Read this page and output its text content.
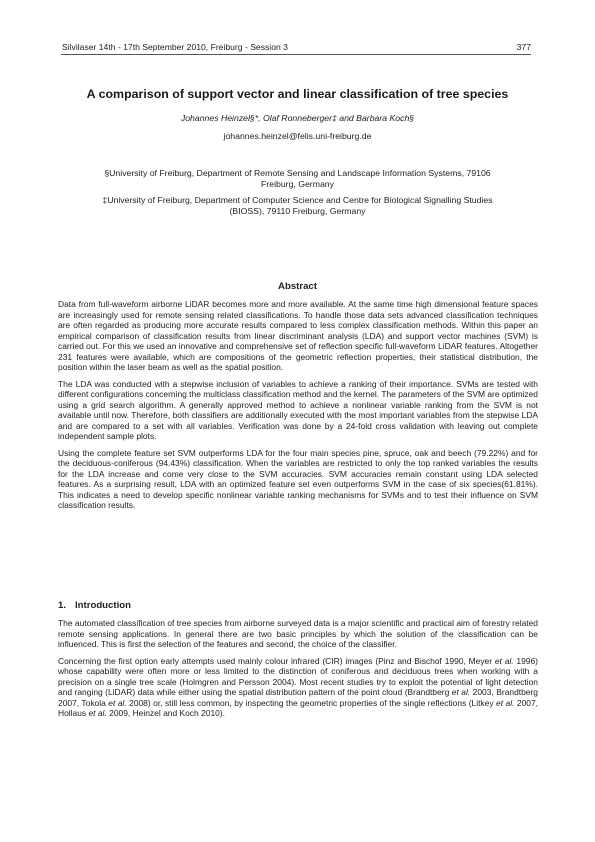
Silvilaser 14th - 17th September 2010, Freiburg - Session 3	377
A comparison of support vector and linear classification of tree species
Johannes Heinzel§*, Olaf Ronneberger‡ and Barbara Koch§
johannes.heinzel@felis.uni-freiburg.de
§University of Freiburg, Department of Remote Sensing and Landscape Information Systems, 79106
Freiburg, Germany
‡University of Freiburg, Department of Computer Science and Centre for Biological Signalling Studies
(BIOSS), 79110 Freiburg, Germany
Abstract

Data from full-waveform airborne LiDAR becomes more and more available. At the same time high dimensional feature spaces are increasingly used for remote sensing related classifications. To handle those data sets advanced classification techniques are often regarded as producing more accurate results compared to less complex classification methods. Within this paper an empirical comparison of classification results from linear discriminant analysis (LDA) and support vector machines (SVM) is carried out. For this we used an innovative and comprehensive set of reflection specific full-waveform LiDAR features. Altogether 231 features were available, which are compositions of the geometric reflection properties, their statistical distribution, the position within the laser beam as well as the spatial position.

The LDA was conducted with a stepwise inclusion of variables to achieve a ranking of their importance. SVMs are tested with different configurations concerning the multiclass classification method and the kernel. The parameters of the SVM are optimized using a grid search algorithm. A generally approved method to achieve a nonlinear variable ranking from the SVM is not available until now. Therefore, both classifiers are additionally executed with the most important variables from the stepwise LDA and are compared to a set with all variables. Verification was done by a 24-fold cross validation with leaving out complete independent sample plots.

Using the complete feature set SVM outperforms LDA for the four main species pine, spruce, oak and beech (79.22%) and for the deciduous-coniferous (94.43%) classification. When the variables are restricted to only the top ranked variables the results for the LDA increase and come very close to the SVM accuracies. SVM accuracies remain constant using LDA selected features. As a surprising result, LDA with an optimized feature set even outperforms SVM in the case of six species(61.81%). This indicates a need to develop specific nonlinear variable ranking mechanisms for SVMs and to test their influence on SVM classification results.

1. Introduction

The automated classification of tree species from airborne surveyed data is a major scientific and practical aim of forestry related remote sensing applications. In general there are two basic principles by which the solution of the classification can be influenced. This is first the selection of the features and second, the choice of the classifier.

Concerning the first option early attempts used mainly colour infrared (CIR) images (Pinz and Bischof 1990, Meyer et al. 1996) whose capability were often more or less limited to the distinction of coniferous and deciduous trees when working with a precision on a single tree scale (Holmgren and Persson 2004). Most recent studies try to exploit the potential of light detection and ranging (LiDAR) data while either using the spatial distribution pattern of the point cloud (Brandtberg et al. 2003, Brandtberg 2007, Tokola et al. 2008) or, still less common, by inspecting the geometric properties of the single reflections (Litkey et al. 2007, Hollaus et al. 2009, Heinzel and Koch 2010).
